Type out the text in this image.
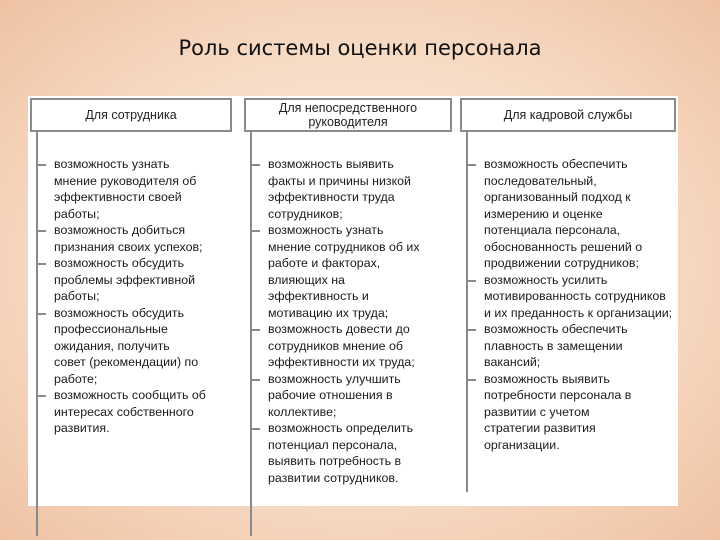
Роль системы оценки персонала
Для сотрудника
возможность узнать мнение руководителя об эффективности своей работы;
возможность добиться признания своих успехов;
возможность обсудить проблемы эффективной работы;
возможность обсудить профессиональные ожидания, получить совет (рекомендации) по работе;
возможность сообщить об интересах собственного развития.
Для непосредственного руководителя
возможность выявить факты и причины низкой эффективности труда сотрудников;
возможность узнать мнение сотрудников об их работе и факторах, влияющих на эффективность и мотивацию их труда;
возможность довести до сотрудников мнение об эффективности их труда;
возможность улучшить рабочие отношения в коллективе;
возможность определить потенциал персонала, выявить потребность в развитии сотрудников.
Для кадровой службы
возможность обеспечить последовательный, организованный подход к измерению и оценке потенциала персонала, обоснованность решений о продвижении сотрудников;
возможность усилить мотивированность сотрудников и их преданность к организации;
возможность обеспечить плавность в замещении вакансий;
возможность выявить потребности персонала в развитии с учетом стратегии развития организации.
